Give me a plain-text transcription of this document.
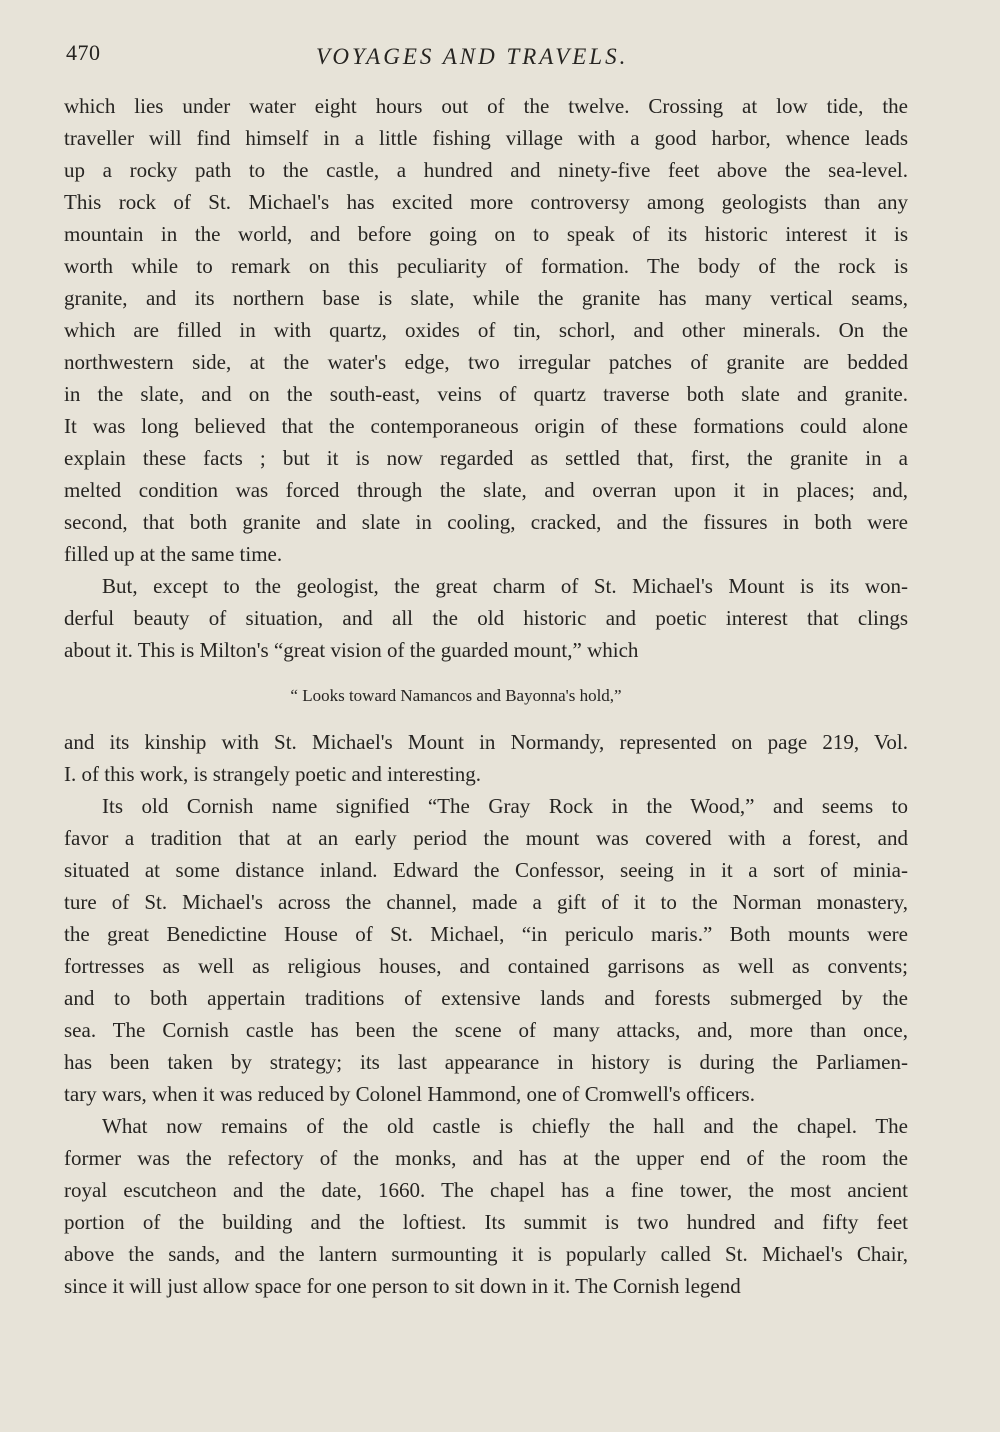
470	VOYAGES AND TRAVELS.
which lies under water eight hours out of the twelve. Crossing at low tide, the
traveller will find himself in a little fishing village with a good harbor, whence leads
up a rocky path to the castle, a hundred and ninety-five feet above the sea-level.
This rock of St. Michael's has excited more controversy among geologists than any
mountain in the world, and before going on to speak of its historic interest it is
worth while to remark on this peculiarity of formation. The body of the rock is
granite, and its northern base is slate, while the granite has many vertical seams,
which are filled in with quartz, oxides of tin, schorl, and other minerals. On the
northwestern side, at the water's edge, two irregular patches of granite are bedded
in the slate, and on the south-east, veins of quartz traverse both slate and granite.
It was long believed that the contemporaneous origin of these formations could alone
explain these facts ; but it is now regarded as settled that, first, the granite in a
melted condition was forced through the slate, and overran upon it in places; and,
second, that both granite and slate in cooling, cracked, and the fissures in both were
filled up at the same time.
But, except to the geologist, the great charm of St. Michael's Mount is its won-
derful beauty of situation, and all the old historic and poetic interest that clings
about it. This is Milton's “great vision of the guarded mount,” which
“ Looks toward Namancos and Bayonna's hold,”
and its kinship with St. Michael's Mount in Normandy, represented on page 219, Vol.
I. of this work, is strangely poetic and interesting.
Its old Cornish name signified “The Gray Rock in the Wood,” and seems to
favor a tradition that at an early period the mount was covered with a forest, and
situated at some distance inland. Edward the Confessor, seeing in it a sort of minia-
ture of St. Michael's across the channel, made a gift of it to the Norman monastery,
the great Benedictine House of St. Michael, “in periculo maris.” Both mounts were
fortresses as well as religious houses, and contained garrisons as well as convents;
and to both appertain traditions of extensive lands and forests submerged by the
sea. The Cornish castle has been the scene of many attacks, and, more than once,
has been taken by strategy; its last appearance in history is during the Parliamen-
tary wars, when it was reduced by Colonel Hammond, one of Cromwell's officers.
What now remains of the old castle is chiefly the hall and the chapel. The
former was the refectory of the monks, and has at the upper end of the room the
royal escutcheon and the date, 1660. The chapel has a fine tower, the most ancient
portion of the building and the loftiest. Its summit is two hundred and fifty feet
above the sands, and the lantern surmounting it is popularly called St. Michael's Chair,
since it will just allow space for one person to sit down in it. The Cornish legend
